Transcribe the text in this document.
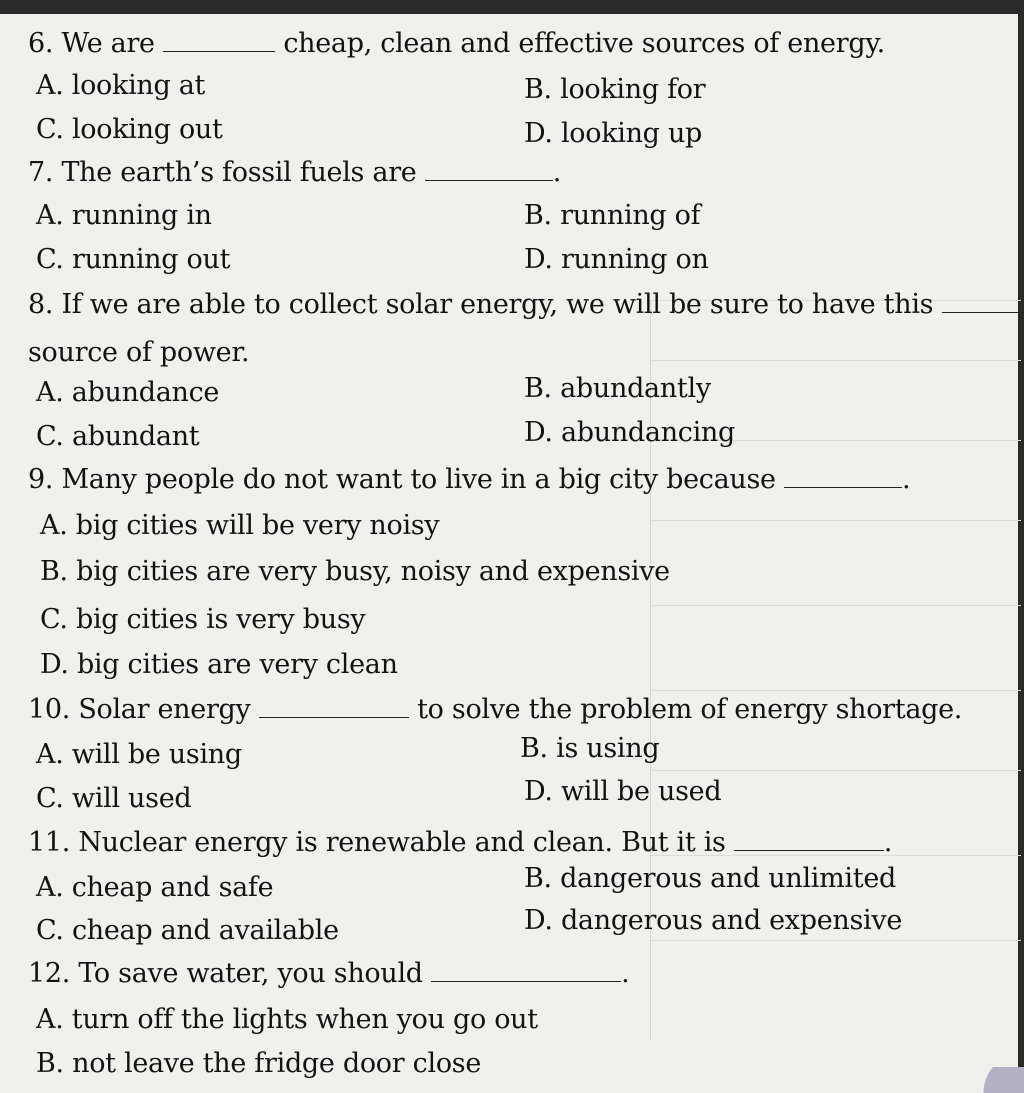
6. We are	cheap, clean and effective sources of energy.
A. looking at	B. looking for
C. looking out	D. looking up
7. The earth’s fossil fuels are	.
A. running in	B. running of
C. running out	D. running on
8. If we are able to collect solar energy, we will be sure to have this
source of power.
A. abundance	B. abundantly
C. abundant	D. abundancing
9. Many people do not want to live in a big city because	.
A. big cities will be very noisy
B. big cities are very busy, noisy and expensive
C. big cities is very busy
D. big cities are very clean
10. Solar energy	to solve the problem of energy shortage.
A. will be using	B. is using
C. will used	D. will be used
11. Nuclear energy is renewable and clean. But it is	.
A. cheap and safe	B. dangerous and unlimited
C. cheap and available	D. dangerous and expensive
12. To save water, you should	.
A. turn off the lights when you go out
B. not leave the fridge door close
